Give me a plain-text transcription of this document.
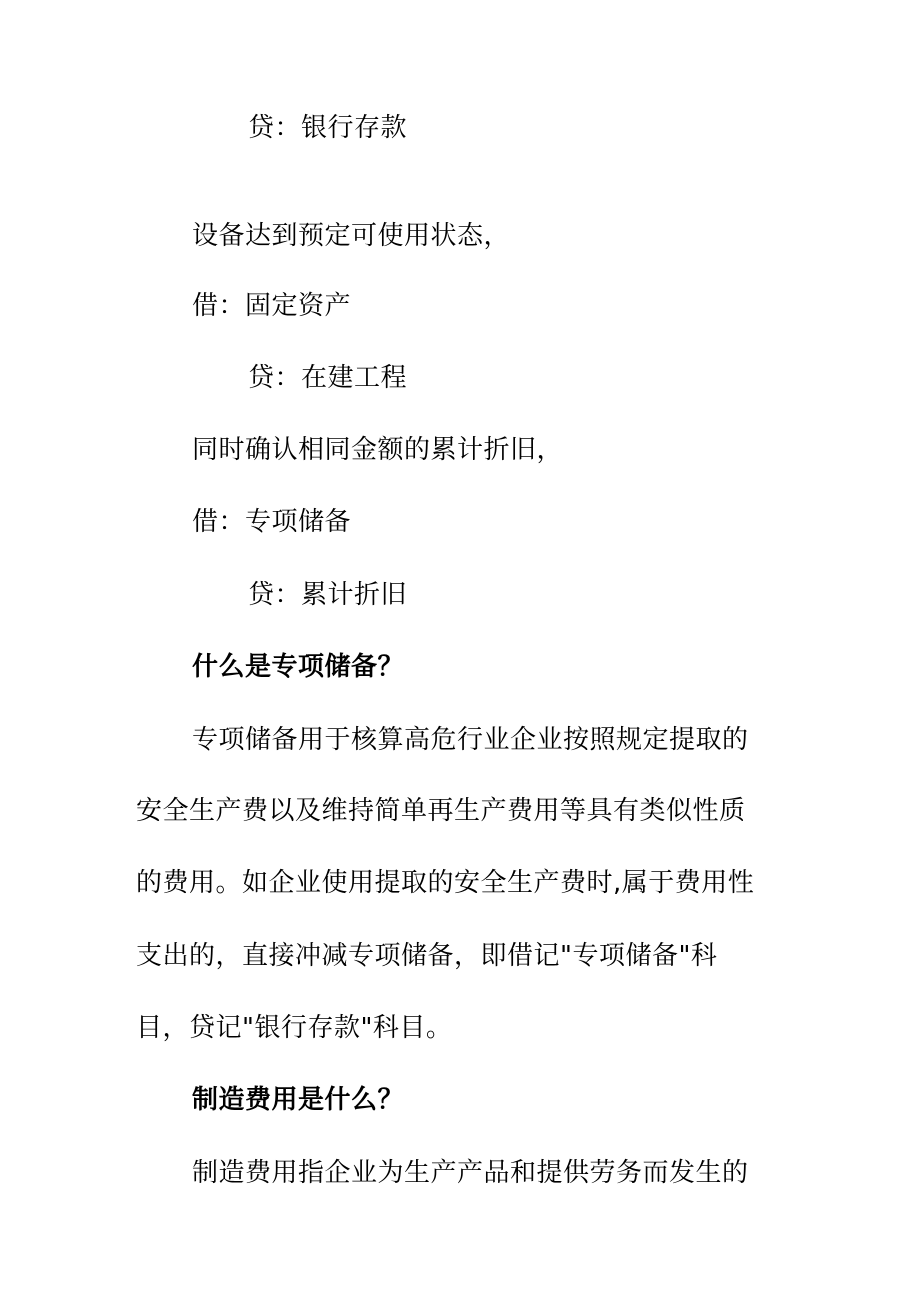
贷：银行存款
设备达到预定可使用状态，
借：固定资产
贷：在建工程
同时确认相同金额的累计折旧，
借：专项储备
贷：累计折旧
什么是专项储备？
专项储备用于核算高危行业企业按照规定提取的
安全生产费以及维持简单再生产费用等具有类似性质
的费用。如企业使用提取的安全生产费时,属于费用性
支出的，直接冲减专项储备，即借记"专项储备"科
目，贷记"银行存款"科目。
制造费用是什么？
制造费用指企业为生产产品和提供劳务而发生的
